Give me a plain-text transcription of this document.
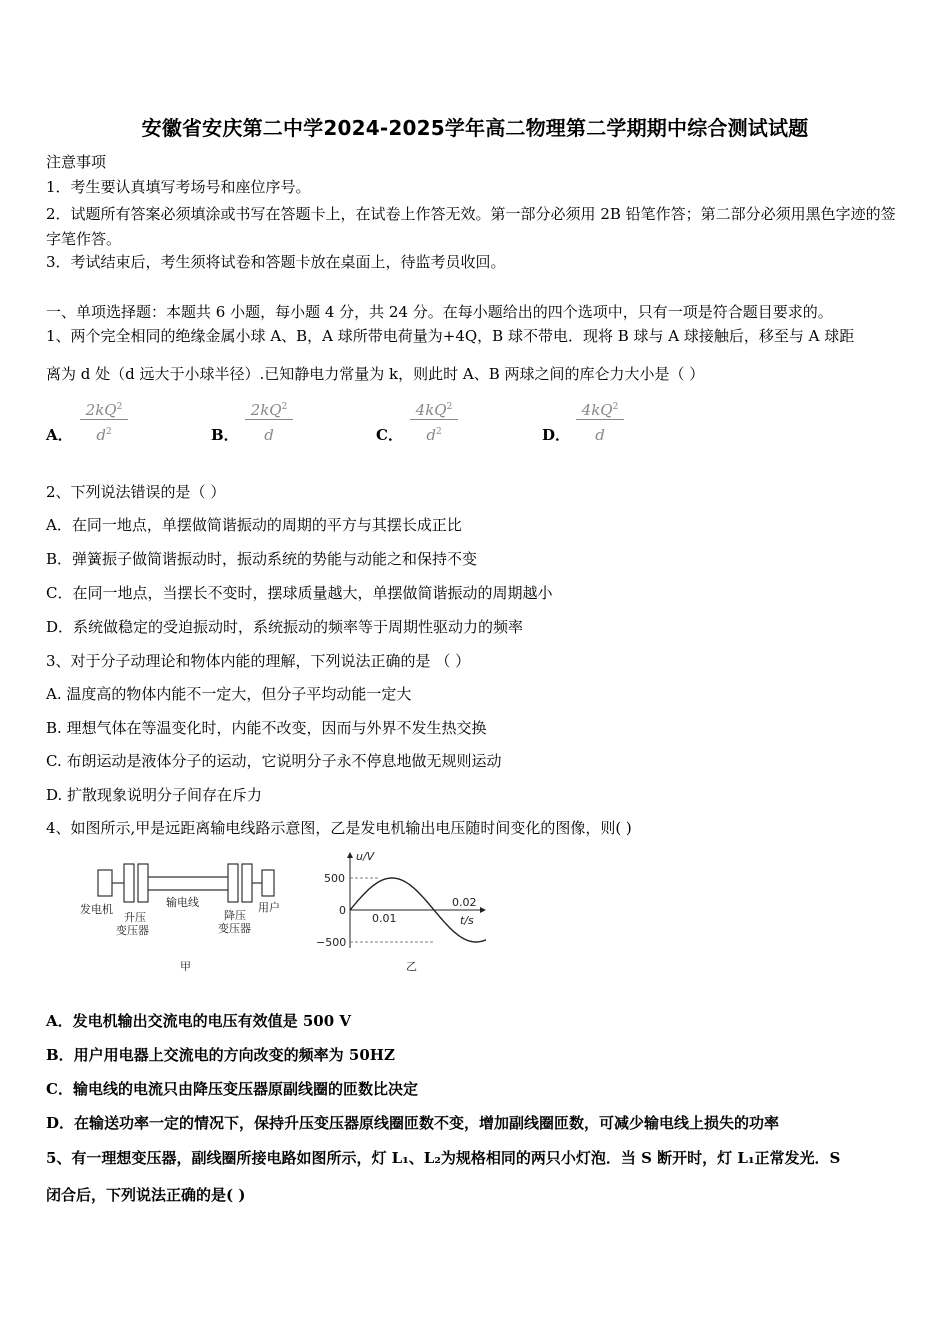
安徽省安庆第二中学2024-2025学年高二物理第二学期期中综合测试试题
注意事项
1．考生要认真填写考场号和座位序号。
2．试题所有答案必须填涂或书写在答题卡上，在试卷上作答无效。第一部分必须用 2B 铅笔作答；第二部分必须用黑色字迹的签字笔作答。
3．考试结束后，考生须将试卷和答题卡放在桌面上，待监考员收回。
一、单项选择题：本题共 6 小题，每小题 4 分，共 24 分。在每小题给出的四个选项中，只有一项是符合题目要求的。
1、两个完全相同的绝缘金属小球 A、B，A 球所带电荷量为+4Q，B 球不带电．现将 B 球与 A 球接触后，移至与 A 球距
离为 d 处（d 远大于小球半径）.已知静电力常量为 k，则此时 A、B 两球之间的库仑力大小是（ ）
A．
$2kQ^2$
$d^2$	B．
$2kQ^2$
d	C．
$4kQ^2$
$d^2$	D．
$4kQ^2$
d
2、下列说法错误的是（ ）
A．在同一地点，单摆做简谐振动的周期的平方与其摆长成正比
B．弹簧振子做简谐振动时，振动系统的势能与动能之和保持不变
C．在同一地点，当摆长不变时，摆球质量越大，单摆做简谐振动的周期越小
D．系统做稳定的受迫振动时，系统振动的频率等于周期性驱动力的频率
3、对于分子动理论和物体内能的理解，下列说法正确的是 （ ）
A. 温度高的物体内能不一定大，但分子平均动能一定大
B. 理想气体在等温变化时，内能不改变，因而与外界不发生热交换
C. 布朗运动是液体分子的运动，它说明分子永不停息地做无规则运动
D. 扩散现象说明分子间存在斥力
4、如图所示,甲是远距离输电线路示意图，乙是发电机输出电压随时间变化的图像，则( )
发电机
输电线	用户
升压
变压器
降压
变压器
甲
u/V
t/s
0
500
−500
0.01
0.02
乙
A．发电机输出交流电的电压有效值是 500 V
B．用户用电器上交流电的方向改变的频率为 50HZ
C．输电线的电流只由降压变压器原副线圈的匝数比决定
D．在输送功率一定的情况下，保持升压变压器原线圈匝数不变，增加副线圈匝数，可减少输电线上损失的功率
5、有一理想变压器，副线圈所接电路如图所示，灯 L₁、L₂为规格相同的两只小灯泡．当 S 断开时，灯 L₁正常发光．S
闭合后，下列说法正确的是( )
